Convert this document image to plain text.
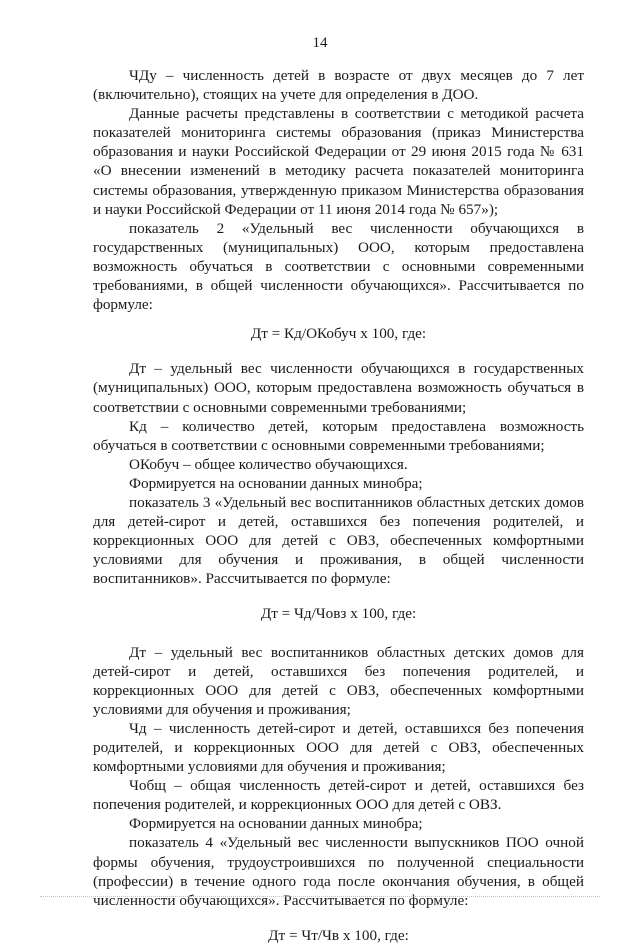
14

ЧДу – численность детей в возрасте от двух месяцев до 7 лет (включительно), стоящих на учете для определения в ДОО.

Данные расчеты представлены в соответствии с методикой расчета показателей мониторинга системы образования (приказ Министерства образования и науки Российской Федерации от 29 июня 2015 года № 631 «О внесении изменений в методику расчета показателей мониторинга системы образования, утвержденную приказом Министерства образования и науки Российской Федерации от 11 июня 2014 года № 657»);

показатель 2 «Удельный вес численности обучающихся в государственных (муниципальных) ООО, которым предоставлена возможность обучаться в соответствии с основными современными требованиями, в общей численности обучающихся». Рассчитывается по формуле:

Дт = Кд/ОКобуч х 100, где:

Дт – удельный вес численности обучающихся в государственных (муниципальных) ООО, которым предоставлена возможность обучаться в соответствии с основными современными требованиями;

Кд – количество детей, которым предоставлена возможность обучаться в соответствии с основными современными требованиями;

ОКобуч – общее количество обучающихся.

Формируется на основании данных минобра;

показатель 3 «Удельный вес воспитанников областных детских домов для детей-сирот и детей, оставшихся без попечения родителей, и коррекционных ООО для детей с ОВЗ, обеспеченных комфортными условиями для обучения и проживания, в общей численности воспитанников». Рассчитывается по формуле:

Дт = Чд/Човз х 100, где:

Дт – удельный вес воспитанников областных детских домов для детей-сирот и детей, оставшихся без попечения родителей, и коррекционных ООО для детей с ОВЗ, обеспеченных комфортными условиями для обучения и проживания;

Чд – численность детей-сирот и детей, оставшихся без попечения родителей, и коррекционных ООО для детей с ОВЗ, обеспеченных комфортными условиями для обучения и проживания;

Чобщ – общая численность детей-сирот и детей, оставшихся без попечения родителей, и коррекционных ООО для детей с ОВЗ.

Формируется на основании данных минобра;

показатель 4 «Удельный вес численности выпускников ПОО очной формы обучения, трудоустроившихся по полученной специальности (профессии) в течение одного года после окончания обучения, в общей численности обучающихся». Рассчитывается по формуле:

Дт = Чт/Чв х 100, где:
